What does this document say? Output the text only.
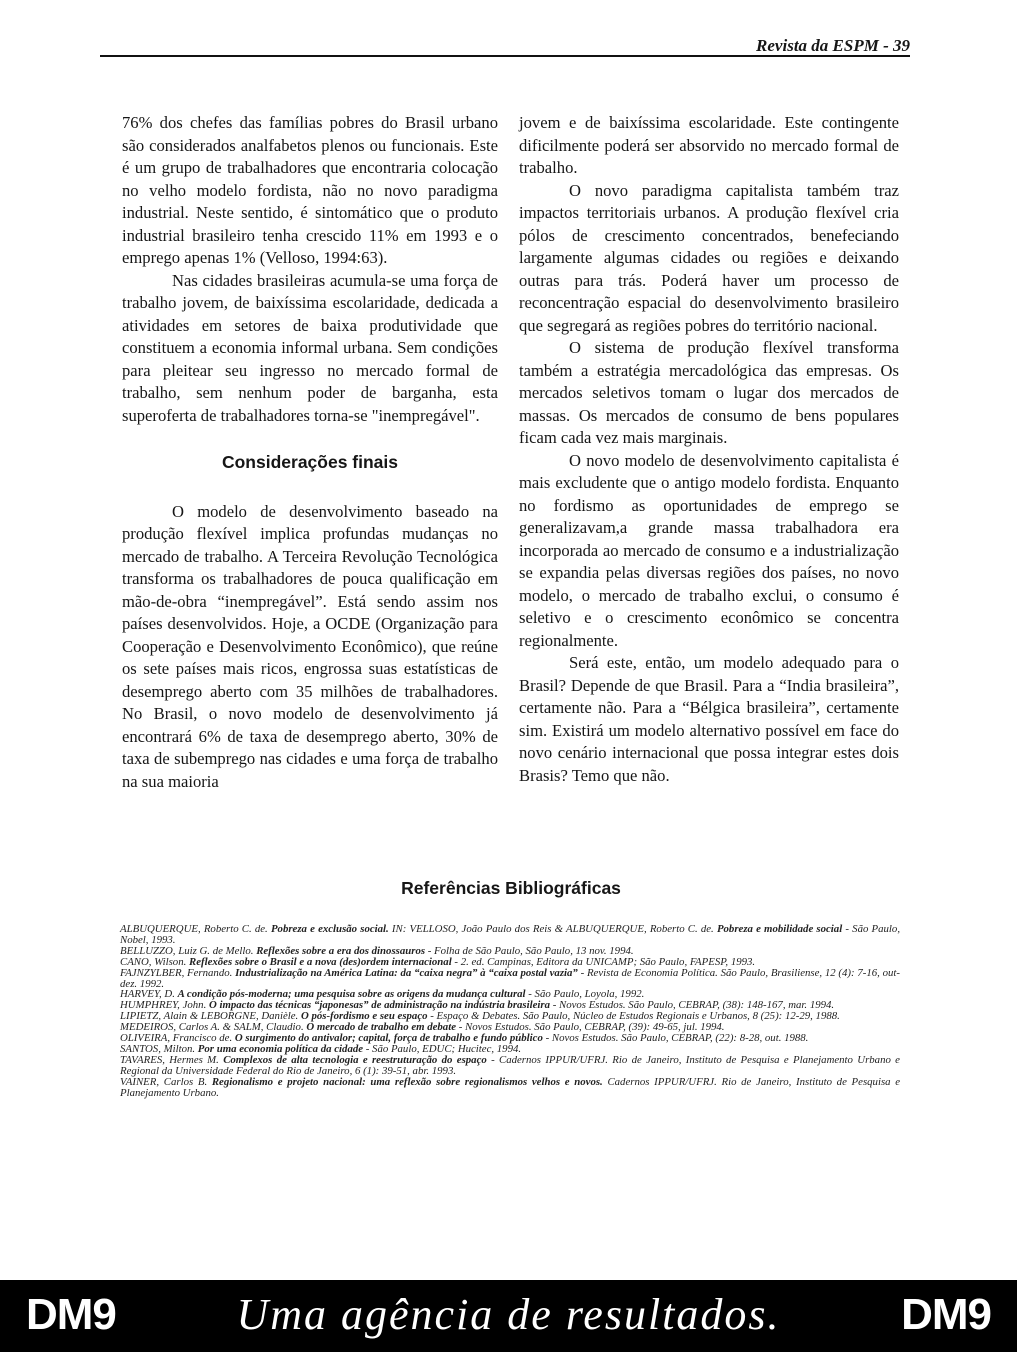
Revista da ESPM - 39

76% dos chefes das famílias pobres do Brasil urbano são considerados analfabetos plenos ou funcionais. Este é um grupo de trabalhadores que encontraria colocação no velho modelo fordista, não no novo paradigma industrial. Neste sentido, é sintomático que o produto industrial brasileiro tenha crescido 11% em 1993 e o emprego apenas 1% (Velloso, 1994:63).

Nas cidades brasileiras acumula-se uma força de trabalho jovem, de baixíssima escolaridade, dedicada a atividades em setores de baixa produtividade que constituem a economia informal urbana. Sem condições para pleitear seu ingresso no mercado formal de trabalho, sem nenhum poder de barganha, esta superoferta de trabalhadores torna-se "inempregável".

Considerações finais

O modelo de desenvolvimento baseado na produção flexível implica profundas mudanças no mercado de trabalho. A Terceira Revolução Tecnológica transforma os trabalhadores de pouca qualificação em mão-de-obra “inempregável”. Está sendo assim nos países desenvolvidos. Hoje, a OCDE (Organização para Cooperação e Desenvolvimento Econômico), que reúne os sete países mais ricos, engrossa suas estatísticas de desemprego aberto com 35 milhões de trabalhadores. No Brasil, o novo modelo de desenvolvimento já encontrará 6% de taxa de desemprego aberto, 30% de taxa de subemprego nas cidades e uma força de trabalho na sua maioria

jovem e de baixíssima escolaridade. Este contingente dificilmente poderá ser absorvido no mercado formal de trabalho.

O novo paradigma capitalista também traz impactos territoriais urbanos. A produção flexível cria pólos de crescimento concentrados, benefeciando largamente algumas cidades ou regiões e deixando outras para trás. Poderá haver um processo de reconcentração espacial do desenvolvimento brasileiro que segregará as regiões pobres do território nacional.

O sistema de produção flexível transforma também a estratégia mercadológica das empresas. Os mercados seletivos tomam o lugar dos mercados de massas. Os mercados de consumo de bens populares ficam cada vez mais marginais.

O novo modelo de desenvolvimento capitalista é mais excludente que o antigo modelo fordista. Enquanto no fordismo as oportunidades de emprego se generalizavam,a grande massa trabalhadora era incorporada ao mercado de consumo e a industrialização se expandia pelas diversas regiões dos países, no novo modelo, o mercado de trabalho exclui, o consumo é seletivo e o crescimento econômico se concentra regionalmente.

Será este, então, um modelo adequado para o Brasil? Depende de que Brasil. Para a “India brasileira”, certamente não. Para a “Bélgica brasileira”, certamente sim. Existirá um modelo alternativo possível em face do novo cenário internacional que possa integrar estes dois Brasis? Temo que não.

Referências Bibliográficas

ALBUQUERQUE, Roberto C. de. Pobreza e exclusão social. IN: VELLOSO, João Paulo dos Reis & ALBUQUERQUE, Roberto C. de. Pobreza e mobilidade social - São Paulo, Nobel, 1993.

BELLUZZO, Luiz G. de Mello. Reflexões sobre a era dos dinossauros - Folha de São Paulo, São Paulo, 13 nov. 1994.

CANO, Wilson. Reflexões sobre o Brasil e a nova (des)ordem internacional - 2. ed. Campinas, Editora da UNICAMP; São Paulo, FAPESP, 1993.

FAJNZYLBER, Fernando. Industrialização na América Latina: da “caixa negra” à “caixa postal vazia” - Revista de Economia Política. São Paulo, Brasiliense, 12 (4): 7-16, out-dez. 1992.

HARVEY, D. A condição pós-moderna; uma pesquisa sobre as origens da mudança cultural - São Paulo, Loyola, 1992.

HUMPHREY, John. O impacto das técnicas “japonesas” de administração na indústria brasileira - Novos Estudos. São Paulo, CEBRAP, (38): 148-167, mar. 1994.

LIPIETZ, Alain & LEBORGNE, Danièle. O pós-fordismo e seu espaço - Espaço & Debates. São Paulo, Núcleo de Estudos Regionais e Urbanos, 8 (25): 12-29, 1988.

MEDEIROS, Carlos A. & SALM, Claudio. O mercado de trabalho em debate - Novos Estudos. São Paulo, CEBRAP, (39): 49-65, jul. 1994.

OLIVEIRA, Francisco de. O surgimento do antivalor; capital, força de trabalho e fundo público - Novos Estudos. São Paulo, CEBRAP, (22): 8-28, out. 1988.

SANTOS, Milton. Por uma economia política da cidade - São Paulo, EDUC; Hucitec, 1994.

TAVARES, Hermes M. Complexos de alta tecnologia e reestruturação do espaço - Cadernos IPPUR/UFRJ. Rio de Janeiro, Instituto de Pesquisa e Planejamento Urbano e Regional da Universidade Federal do Rio de Janeiro, 6 (1): 39-51, abr. 1993.

VAINER, Carlos B. Regionalismo e projeto nacional: uma reflexão sobre regionalismos velhos e novos. Cadernos IPPUR/UFRJ. Rio de Janeiro, Instituto de Pesquisa e Planejamento Urbano.

Uma agência de resultados.
DM9	DM9
